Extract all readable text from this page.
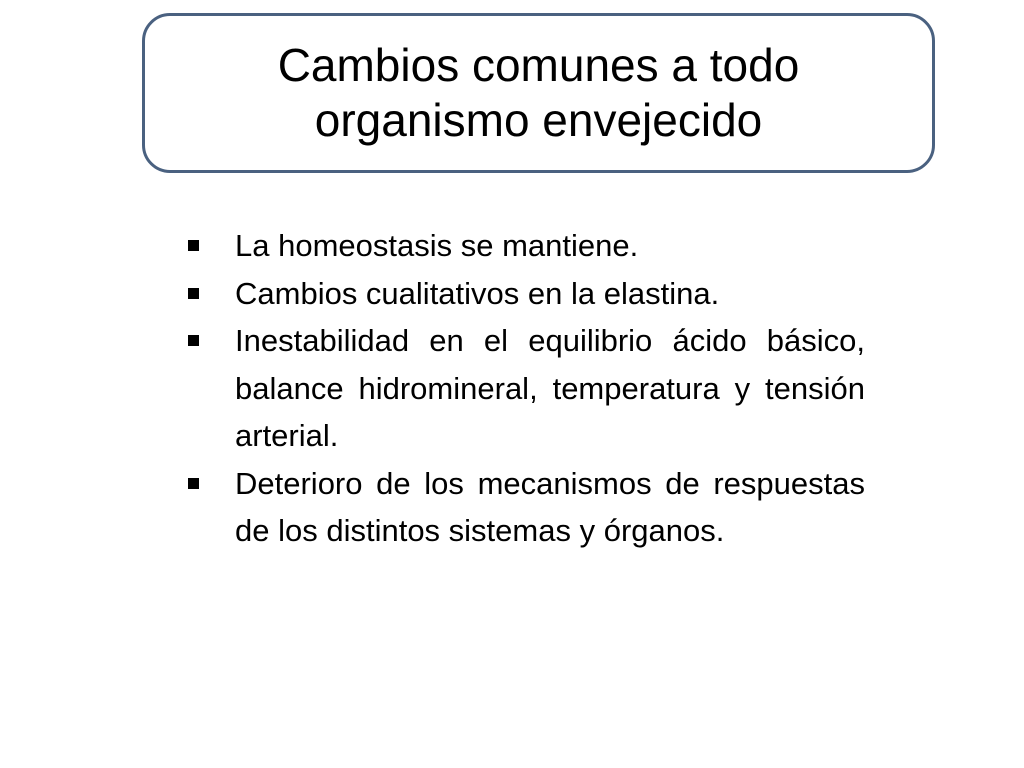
Cambios comunes a todo organismo envejecido
La homeostasis se mantiene.
Cambios cualitativos en la elastina.
Inestabilidad en el equilibrio ácido básico, balance hidromineral, temperatura y tensión arterial.
Deterioro de los mecanismos de respuestas de los distintos sistemas y órganos.
